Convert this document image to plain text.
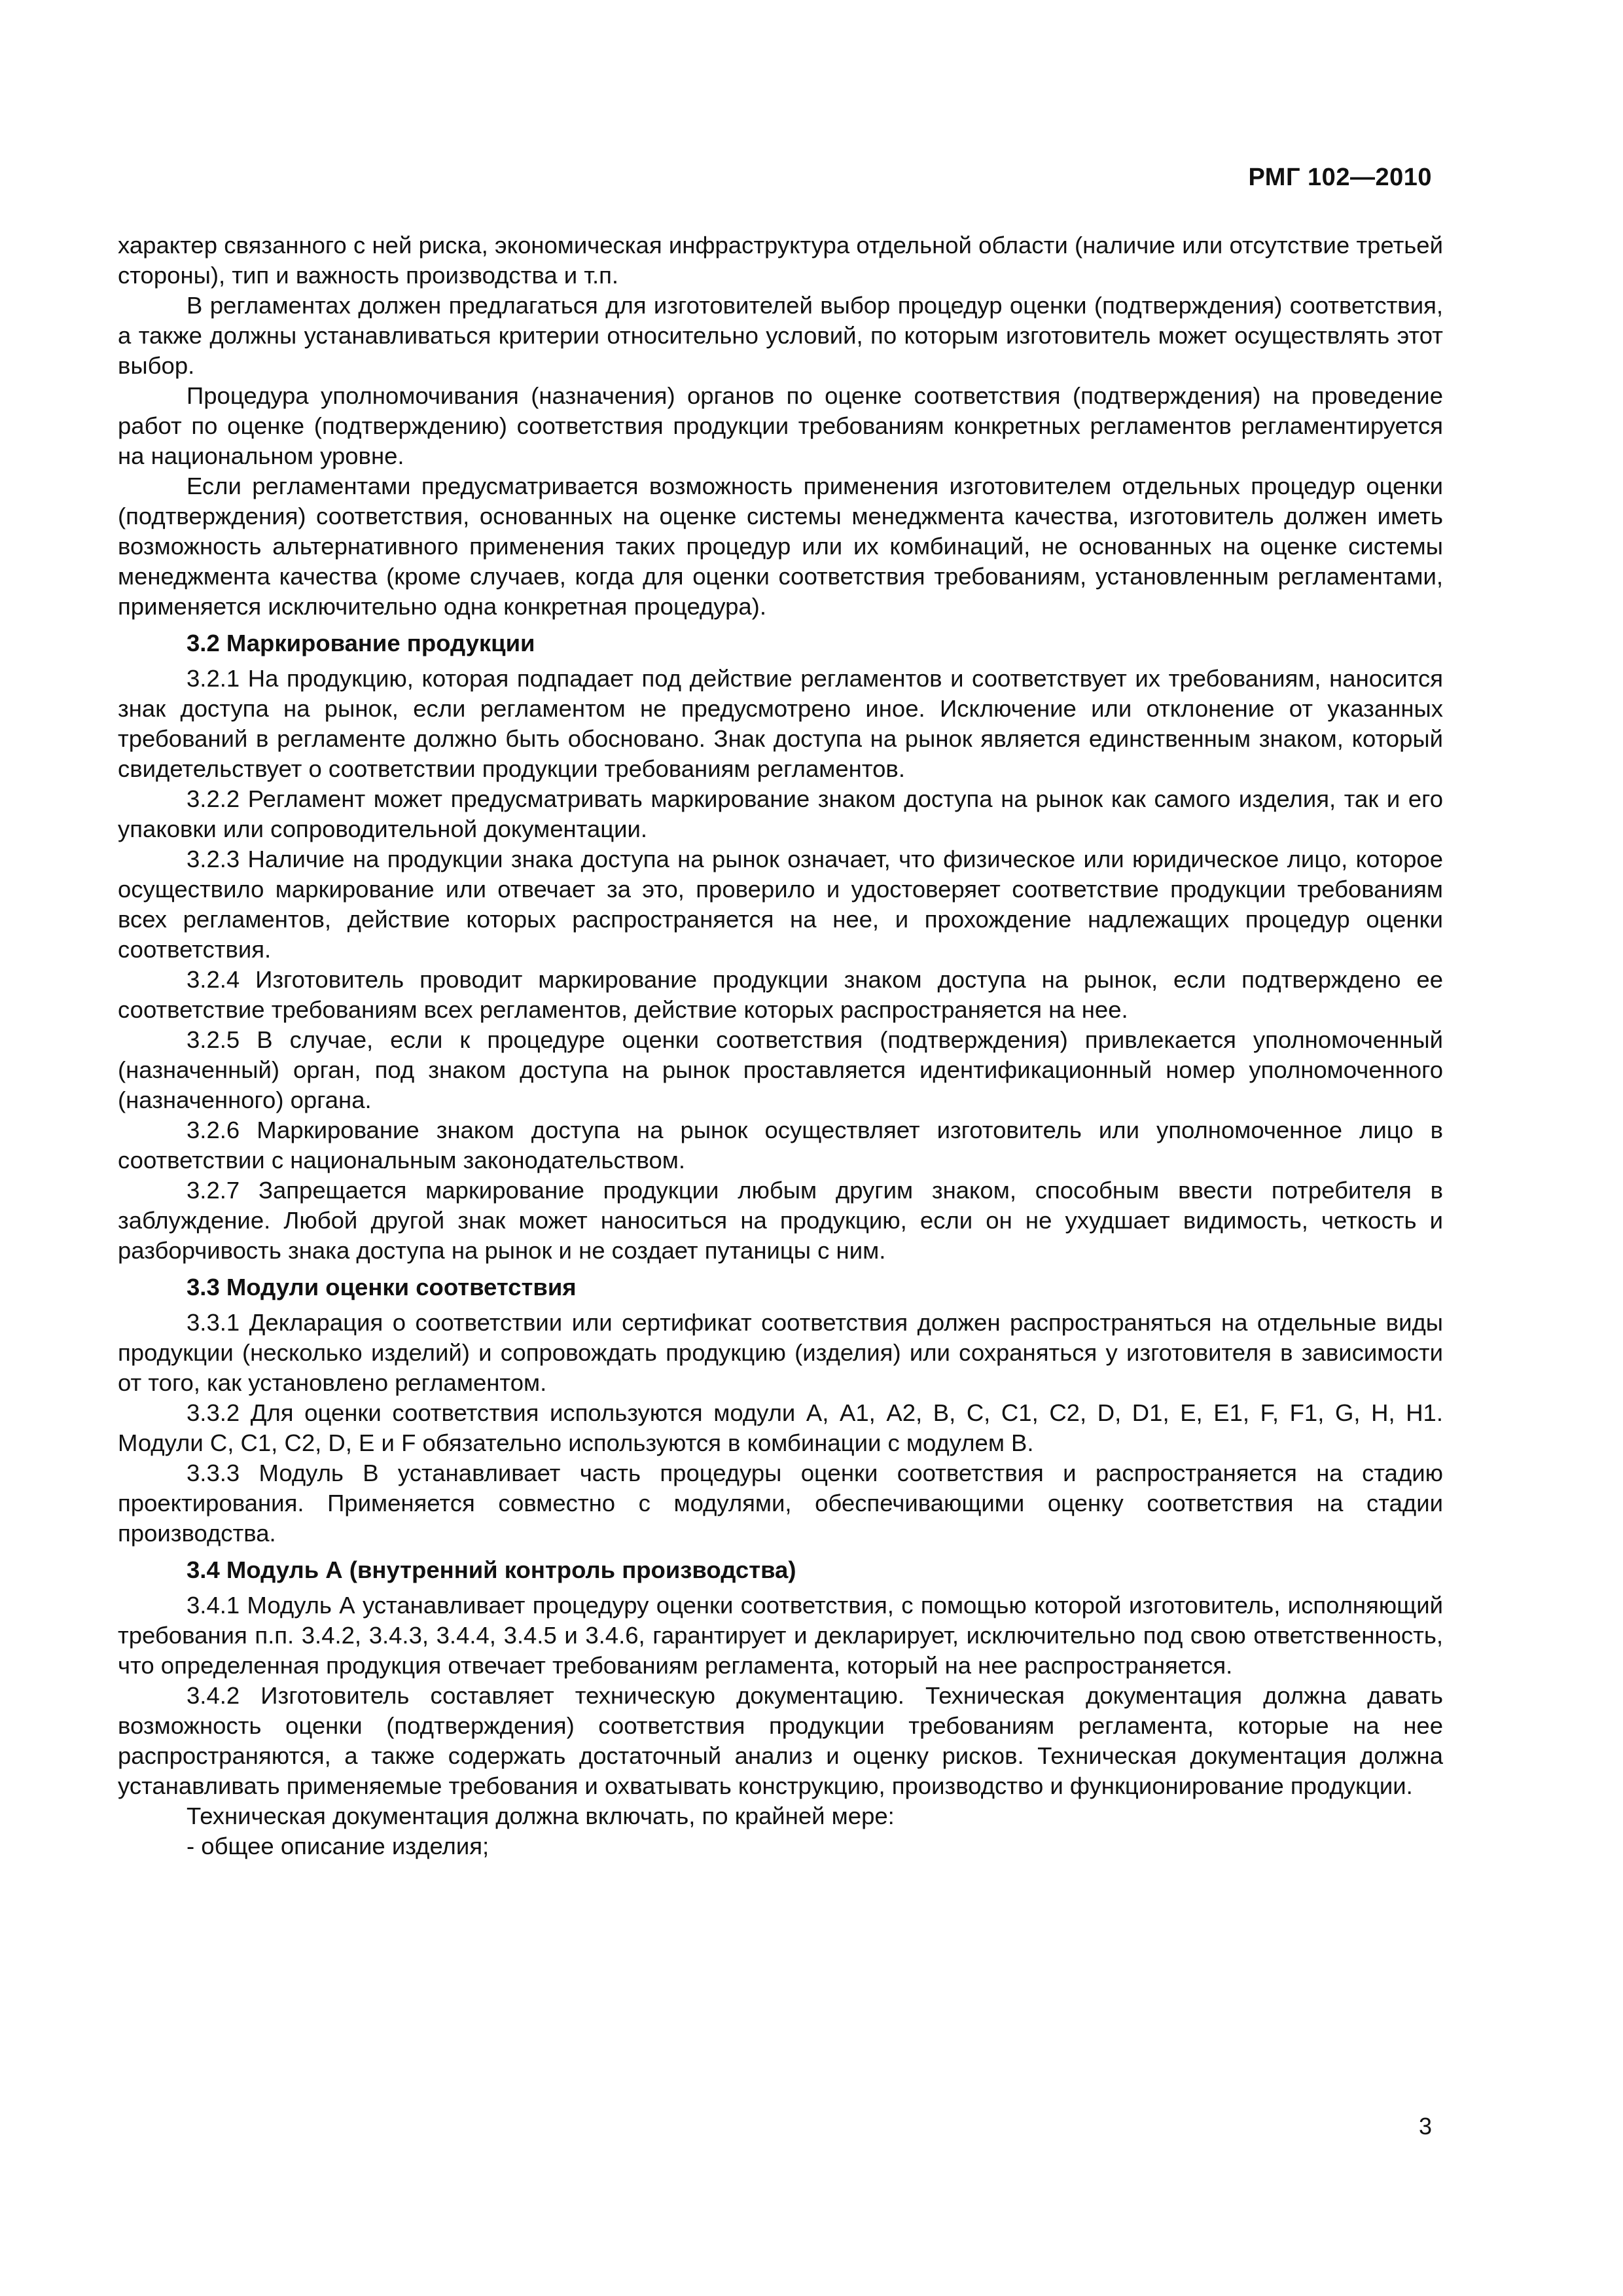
РМГ 102—2010

характер связанного с ней риска, экономическая инфраструктура отдельной области (наличие или отсутствие третьей стороны), тип и важность производства и т.п.

В регламентах должен предлагаться для изготовителей выбор процедур оценки (подтверждения) соответствия, а также должны устанавливаться критерии относительно условий, по которым изготовитель может осуществлять этот выбор.

Процедура уполномочивания (назначения) органов по оценке соответствия (подтверждения) на проведение работ по оценке (подтверждению) соответствия продукции требованиям конкретных регламентов регламентируется на национальном уровне.

Если регламентами предусматривается возможность применения изготовителем отдельных процедур оценки (подтверждения) соответствия, основанных на оценке системы менеджмента качества, изготовитель должен иметь возможность альтернативного применения таких процедур или их комбинаций, не основанных на оценке системы менеджмента качества (кроме случаев, когда для оценки соответствия требованиям, установленным регламентами, применяется исключительно одна конкретная процедура).

3.2 Маркирование продукции

3.2.1 На продукцию, которая подпадает под действие регламентов и соответствует их требованиям, наносится знак доступа на рынок, если регламентом не предусмотрено иное. Исключение или отклонение от указанных требований в регламенте должно быть обосновано. Знак доступа на рынок является единственным знаком, который свидетельствует о соответствии продукции требованиям регламентов.

3.2.2 Регламент может предусматривать маркирование знаком доступа на рынок как самого изделия, так и его упаковки или сопроводительной документации.

3.2.3 Наличие на продукции знака доступа на рынок означает, что физическое или юридическое лицо, которое осуществило маркирование или отвечает за это, проверило и удостоверяет соответствие продукции требованиям всех регламентов, действие которых распространяется на нее, и прохождение надлежащих процедур оценки соответствия.

3.2.4 Изготовитель проводит маркирование продукции знаком доступа на рынок, если подтверждено ее соответствие требованиям всех регламентов, действие которых распространяется на нее.

3.2.5 В случае, если к процедуре оценки соответствия (подтверждения) привлекается уполномоченный (назначенный) орган, под знаком доступа на рынок проставляется идентификационный номер уполномоченного (назначенного) органа.

3.2.6 Маркирование знаком доступа на рынок осуществляет изготовитель или уполномоченное лицо в соответствии с национальным законодательством.

3.2.7 Запрещается маркирование продукции любым другим знаком, способным ввести потребителя в заблуждение. Любой другой знак может наноситься на продукцию, если он не ухудшает видимость, четкость и разборчивость знака доступа на рынок и не создает путаницы с ним.

3.3 Модули оценки соответствия

3.3.1 Декларация о соответствии или сертификат соответствия должен распространяться на отдельные виды продукции (несколько изделий) и сопровождать продукцию (изделия) или сохраняться у изготовителя в зависимости от того, как установлено регламентом.

3.3.2 Для оценки соответствия используются модули А, А1, А2, В, С, С1, С2, D, D1, Е, Е1, F, F1, G, Н, Н1. Модули С, С1, С2, D, Е и F обязательно используются в комбинации с модулем В.

3.3.3 Модуль В устанавливает часть процедуры оценки соответствия и распространяется на стадию проектирования. Применяется совместно с модулями, обеспечивающими оценку соответствия на стадии производства.

3.4 Модуль А (внутренний контроль производства)

3.4.1 Модуль А устанавливает процедуру оценки соответствия, с помощью которой изготовитель, исполняющий требования п.п. 3.4.2, 3.4.3, 3.4.4, 3.4.5 и 3.4.6, гарантирует и декларирует, исключительно под свою ответственность, что определенная продукция отвечает требованиям регламента, который на нее распространяется.

3.4.2 Изготовитель составляет техническую документацию. Техническая документация должна давать возможность оценки (подтверждения) соответствия продукции требованиям регламента, которые на нее распространяются, а также содержать достаточный анализ и оценку рисков. Техническая документация должна устанавливать применяемые требования и охватывать конструкцию, производство и функционирование продукции.

Техническая документация должна включать, по крайней мере:

- общее описание изделия;

3
